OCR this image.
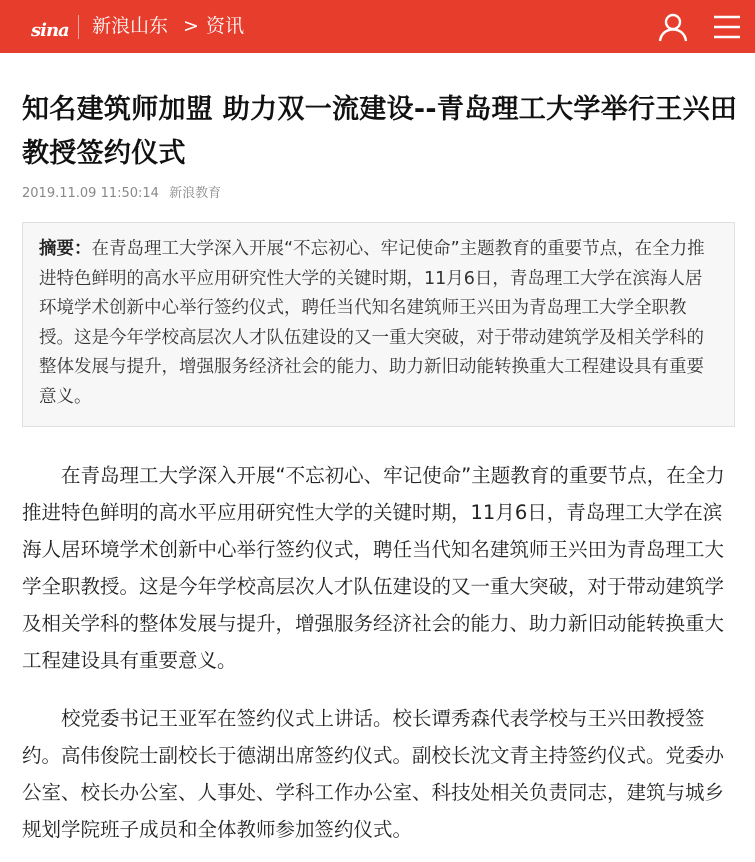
sina 新浪山东 > 资讯
知名建筑师加盟 助力双一流建设--青岛理工大学举行王兴田教授签约仪式
2019.11.09 11:50:14 新浪教育
摘要：在青岛理工大学深入开展“不忘初心、牢记使命”主题教育的重要节点，在全力推进特色鲜明的高水平应用研究性大学的关键时期，11月6日，青岛理工大学在滨海人居环境学术创新中心举行签约仪式，聘任当代知名建筑师王兴田为青岛理工大学全职教授。这是今年学校高层次人才队伍建设的又一重大突破，对于带动建筑学及相关学科的整体发展与提升，增强服务经济社会的能力、助力新旧动能转换重大工程建设具有重要意义。

在青岛理工大学深入开展“不忘初心、牢记使命”主题教育的重要节点，在全力推进特色鲜明的高水平应用研究性大学的关键时期，11月6日，青岛理工大学在滨海人居环境学术创新中心举行签约仪式，聘任当代知名建筑师王兴田为青岛理工大学全职教授。这是今年学校高层次人才队伍建设的又一重大突破，对于带动建筑学及相关学科的整体发展与提升，增强服务经济社会的能力、助力新旧动能转换重大工程建设具有重要意义。

校党委书记王亚军在签约仪式上讲话。校长谭秀森代表学校与王兴田教授签约。高伟俊院士副校长于德湖出席签约仪式。副校长沈文青主持签约仪式。党委办公室、校长办公室、人事处、学科工作办公室、科技处相关负责同志，建筑与城乡规划学院班子成员和全体教师参加签约仪式。
